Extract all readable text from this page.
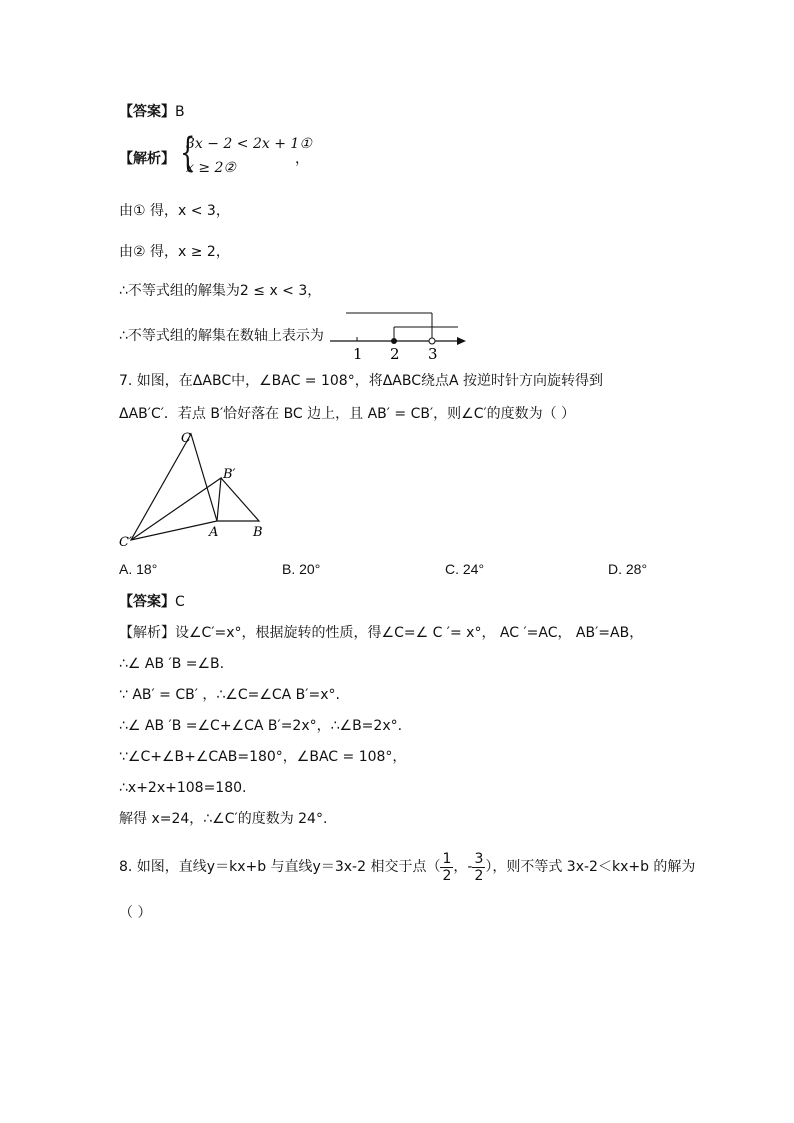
【答案】B
【解析】 {
3x − 2 < 2x + 1①
x ≥ 2②
，
由① 得，x < 3，
由② 得，x ≥ 2，
∴不等式组的解集为2 ≤ x < 3，
∴不等式组的解集在数轴上表示为
1 2 3
7. 如图，在ΔABC中，∠BAC = 108°，将ΔABC绕点A 按逆时针方向旋转得到
ΔAB′C′．若点 B′恰好落在 BC 边上，且 AB′ = CB′，则∠C′的度数为（ ）
C
B′
C′
A	B
A. 18°	B. 20°	C. 24°	D. 28°
【答案】C
【解析】设∠C′=x°，根据旋转的性质，得∠C=∠ C ′= x°， AC ′=AC， AB′=AB，
∴∠ AB ′B =∠B.
∵ AB′ = CB′ ，∴∠C=∠CA B′=x°.
∴∠ AB ′B =∠C+∠CA B′=2x°，∴∠B=2x°.
∵∠C+∠B+∠CAB=180°，∠BAC = 108°，
∴x+2x+108=180.
解得 x=24，∴∠C′的度数为 24°.
8. 如图，直线y＝kx+b 与直线y＝3x-2 相交于点（ $\frac{1}{2}$ ，- $\frac{3}{2}$ ），则不等式 3x-2＜kx+b 的解为
（ ）
